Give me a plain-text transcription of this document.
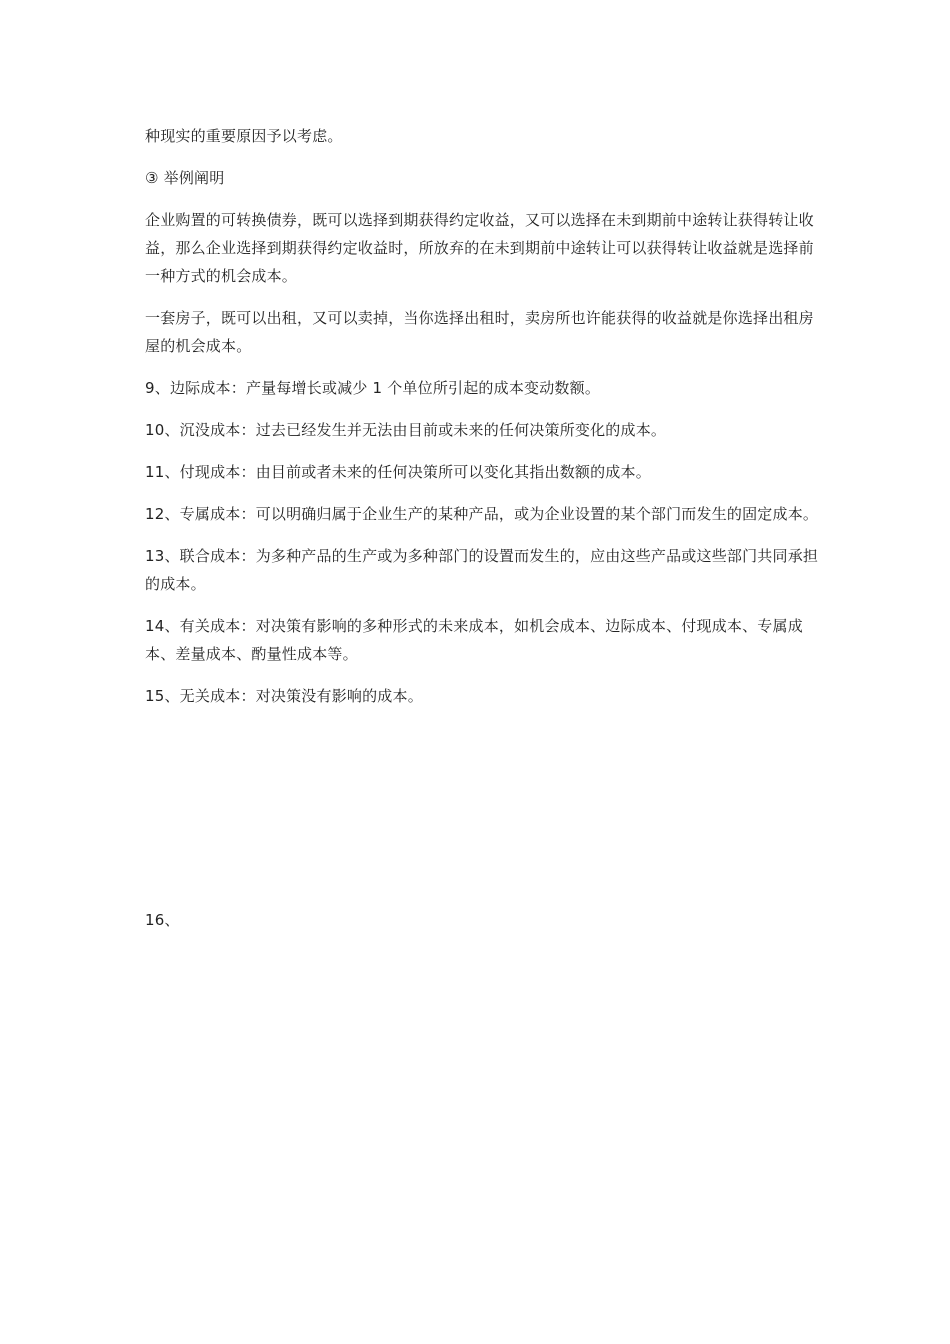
种现实的重要原因予以考虑。

③ 举例阐明

企业购置的可转换债券，既可以选择到期获得约定收益，又可以选择在未到期前中途转让获得转让收益，那么企业选择到期获得约定收益时，所放弃的在未到期前中途转让可以获得转让收益就是选择前一种方式的机会成本。

一套房子，既可以出租，又可以卖掉，当你选择出租时，卖房所也许能获得的收益就是你选择出租房屋的机会成本。

9、边际成本：产量每增长或减少 1 个单位所引起的成本变动数额。

10、沉没成本：过去已经发生并无法由目前或未来的任何决策所变化的成本。

11、付现成本：由目前或者未来的任何决策所可以变化其指出数额的成本。

12、专属成本：可以明确归属于企业生产的某种产品，或为企业设置的某个部门而发生的固定成本。

13、联合成本：为多种产品的生产或为多种部门的设置而发生的，应由这些产品或这些部门共同承担的成本。

14、有关成本：对决策有影响的多种形式的未来成本，如机会成本、边际成本、付现成本、专属成本、差量成本、酌量性成本等。

15、无关成本：对决策没有影响的成本。

16、
